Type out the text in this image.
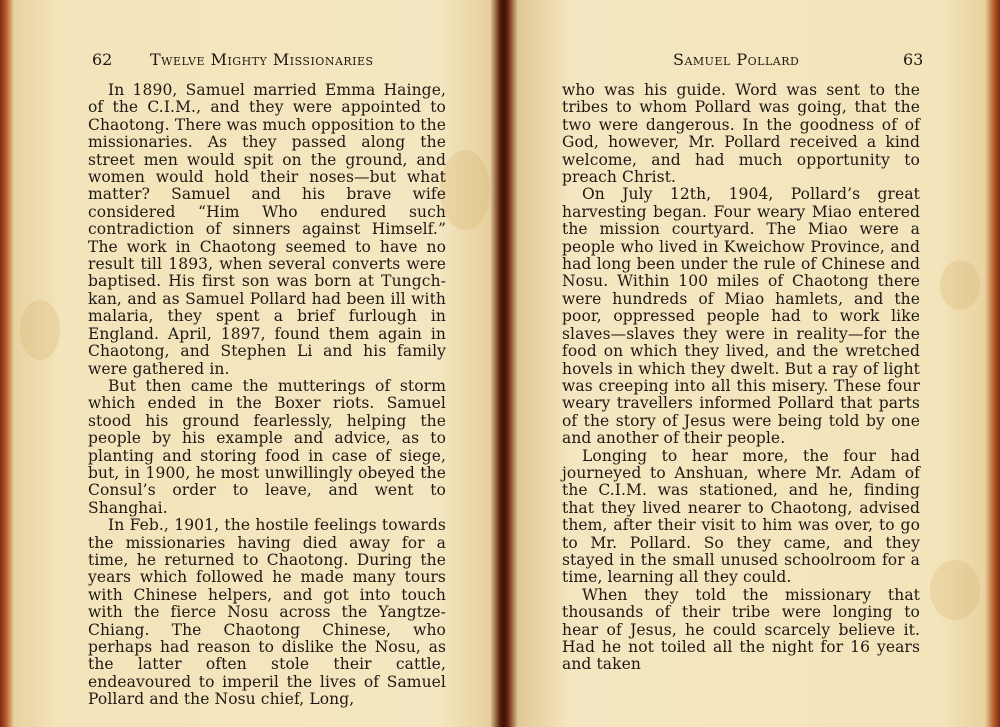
62 Twelve Mighty Missionaries

In 1890, Samuel married Emma Hainge, of the C.I.M., and they were appointed to Chaotong. There was much opposition to the missionaries. As they passed along the street men would spit on the ground, and women would hold their noses—but what matter? Samuel and his brave wife considered “Him Who endured such contradiction of sinners against Himself.” The work in Chaotong seemed to have no result till 1893, when several converts were baptised. His first son was born at Tungch-kan, and as Samuel Pollard had been ill with malaria, they spent a brief furlough in England. April, 1897, found them again in Chaotong, and Stephen Li and his family were gathered in.

But then came the mutterings of storm which ended in the Boxer riots. Samuel stood his ground fearlessly, helping the people by his example and advice, as to planting and storing food in case of siege, but, in 1900, he most unwillingly obeyed the Consul’s order to leave, and went to Shanghai.

In Feb., 1901, the hostile feelings towards the missionaries having died away for a time, he returned to Chaotong. During the years which followed he made many tours with Chinese helpers, and got into touch with the fierce Nosu across the Yangtze-Chiang. The Chaotong Chinese, who perhaps had reason to dislike the Nosu, as the latter often stole their cattle, endeavoured to imperil the lives of Samuel Pollard and the Nosu chief, Long,

Samuel Pollard	63

who was his guide. Word was sent to the tribes to whom Pollard was going, that the two were dangerous. In the goodness of of God, however, Mr. Pollard received a kind welcome, and had much opportunity to preach Christ.

On July 12th, 1904, Pollard’s great harvesting began. Four weary Miao entered the mission courtyard. The Miao were a people who lived in Kweichow Province, and had long been under the rule of Chinese and Nosu. Within 100 miles of Chaotong there were hundreds of Miao hamlets, and the poor, oppressed people had to work like slaves—slaves they were in reality—for the food on which they lived, and the wretched hovels in which they dwelt. But a ray of light was creeping into all this misery. These four weary travellers informed Pollard that parts of the story of Jesus were being told by one and another of their people.

Longing to hear more, the four had journeyed to Anshuan, where Mr. Adam of the C.I.M. was stationed, and he, finding that they lived nearer to Chaotong, advised them, after their visit to him was over, to go to Mr. Pollard. So they came, and they stayed in the small unused schoolroom for a time, learning all they could.

When they told the missionary that thousands of their tribe were longing to hear of Jesus, he could scarcely believe it. Had he not toiled all the night for 16 years and taken
